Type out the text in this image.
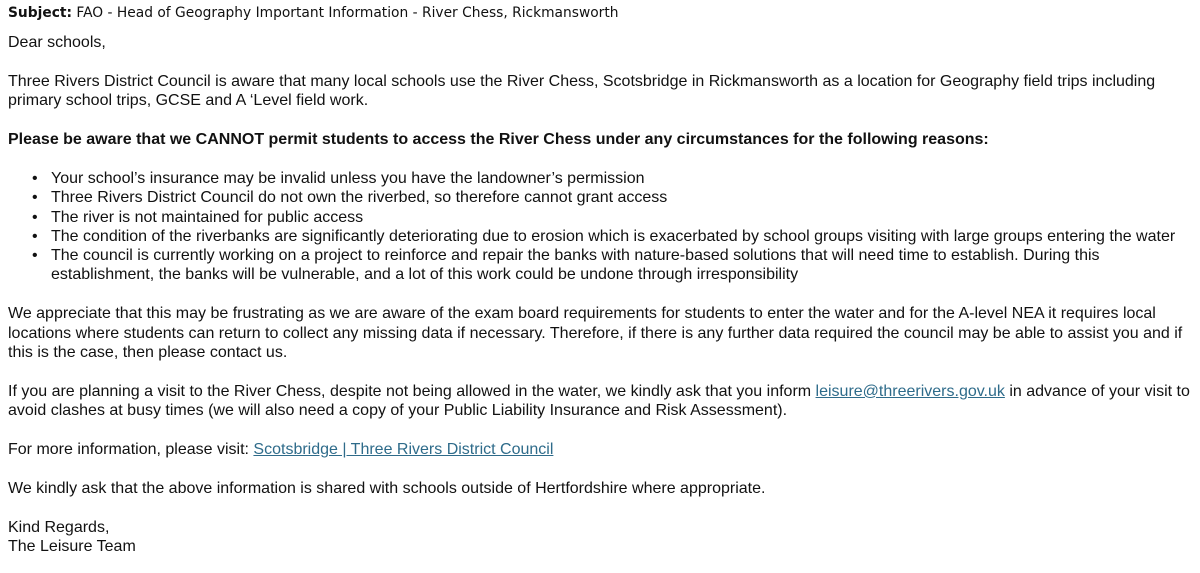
Subject: FAO - Head of Geography Important Information - River Chess, Rickmansworth

Dear schools,

Three Rivers District Council is aware that many local schools use the River Chess, Scotsbridge in Rickmansworth as a location for Geography field trips including primary school trips, GCSE and A ‘Level field work.

Please be aware that we CANNOT permit students to access the River Chess under any circumstances for the following reasons:

• Your school’s insurance may be invalid unless you have the landowner’s permission
• Three Rivers District Council do not own the riverbed, so therefore cannot grant access
• The river is not maintained for public access
• The condition of the riverbanks are significantly deteriorating due to erosion which is exacerbated by school groups visiting with large groups entering the water
• The council is currently working on a project to reinforce and repair the banks with nature-based solutions that will need time to establish. During this establishment, the banks will be vulnerable, and a lot of this work could be undone through irresponsibility

We appreciate that this may be frustrating as we are aware of the exam board requirements for students to enter the water and for the A-level NEA it requires local locations where students can return to collect any missing data if necessary. Therefore, if there is any further data required the council may be able to assist you and if this is the case, then please contact us.

If you are planning a visit to the River Chess, despite not being allowed in the water, we kindly ask that you inform leisure@threerivers.gov.uk in advance of your visit to avoid clashes at busy times (we will also need a copy of your Public Liability Insurance and Risk Assessment).

For more information, please visit: Scotsbridge | Three Rivers District Council

We kindly ask that the above information is shared with schools outside of Hertfordshire where appropriate.

Kind Regards,
The Leisure Team
